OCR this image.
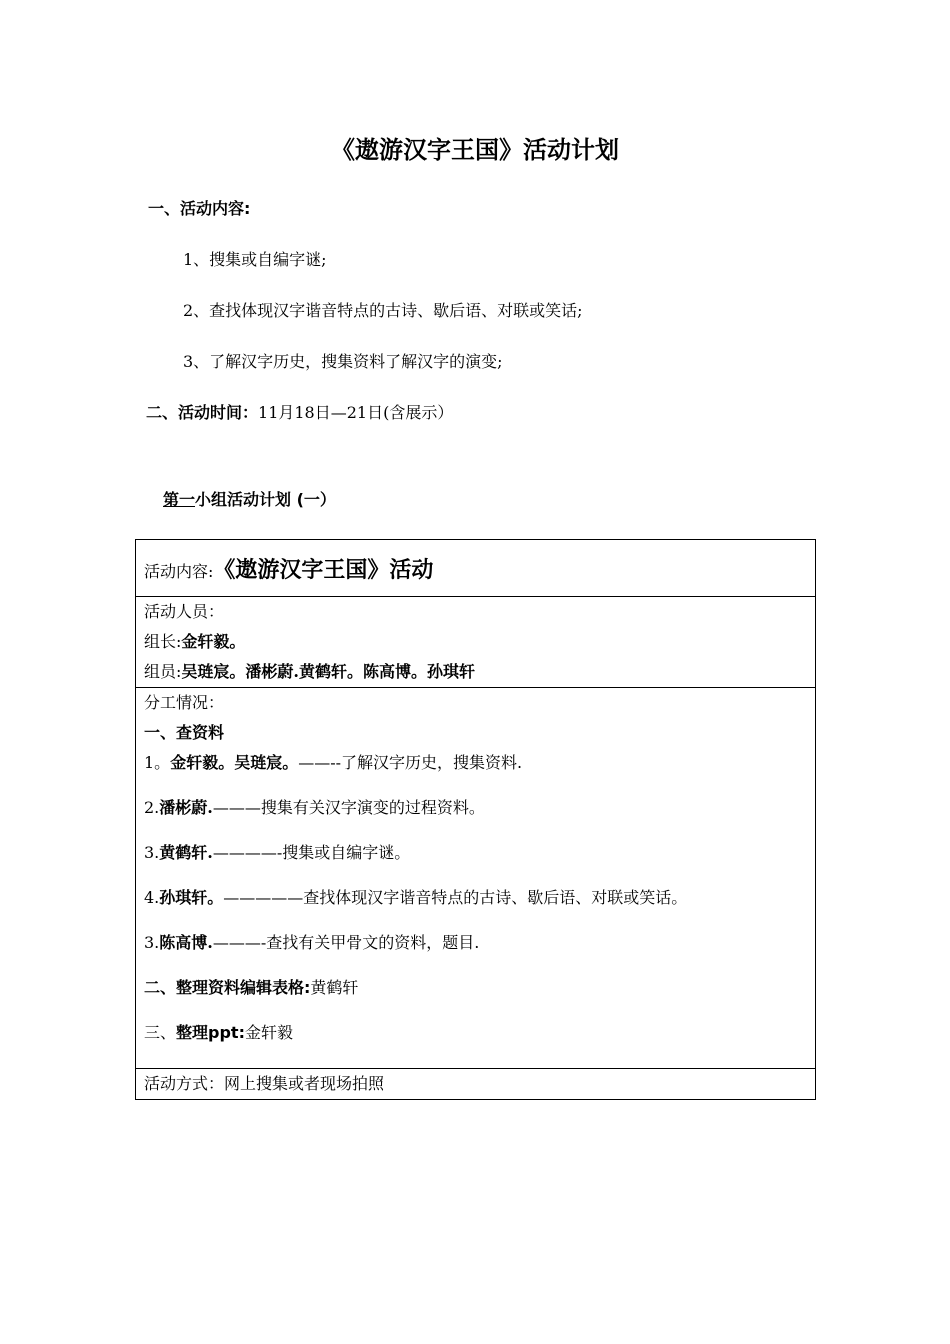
《遨游汉字王国》活动计划
一、活动内容:
1、搜集或自编字谜;
2、查找体现汉字谐音特点的古诗、歇后语、对联或笑话;
3、了解汉字历史，搜集资料了解汉字的演变;
二、活动时间：11月18日—21日(含展示）
第一小组活动计划 (一）
活动内容:《遨游汉字王国》活动

活动人员：

组长:金轩毅。

组员:吴琏宸。潘彬蔚.黄鹤轩。陈高博。孙琪轩

分工情况：

一、查资料

1。金轩毅。吴琏宸。——--了解汉字历史，搜集资料.

2.潘彬蔚.———搜集有关汉字演变的过程资料。

3.黄鹤轩.————-搜集或自编字谜。

4.孙琪轩。—————查找体现汉字谐音特点的古诗、歇后语、对联或笑话。

3.陈高博.———-查找有关甲骨文的资料，题目.

二、整理资料编辑表格:黄鹤轩

三、整理ppt:金轩毅

活动方式：网上搜集或者现场拍照
